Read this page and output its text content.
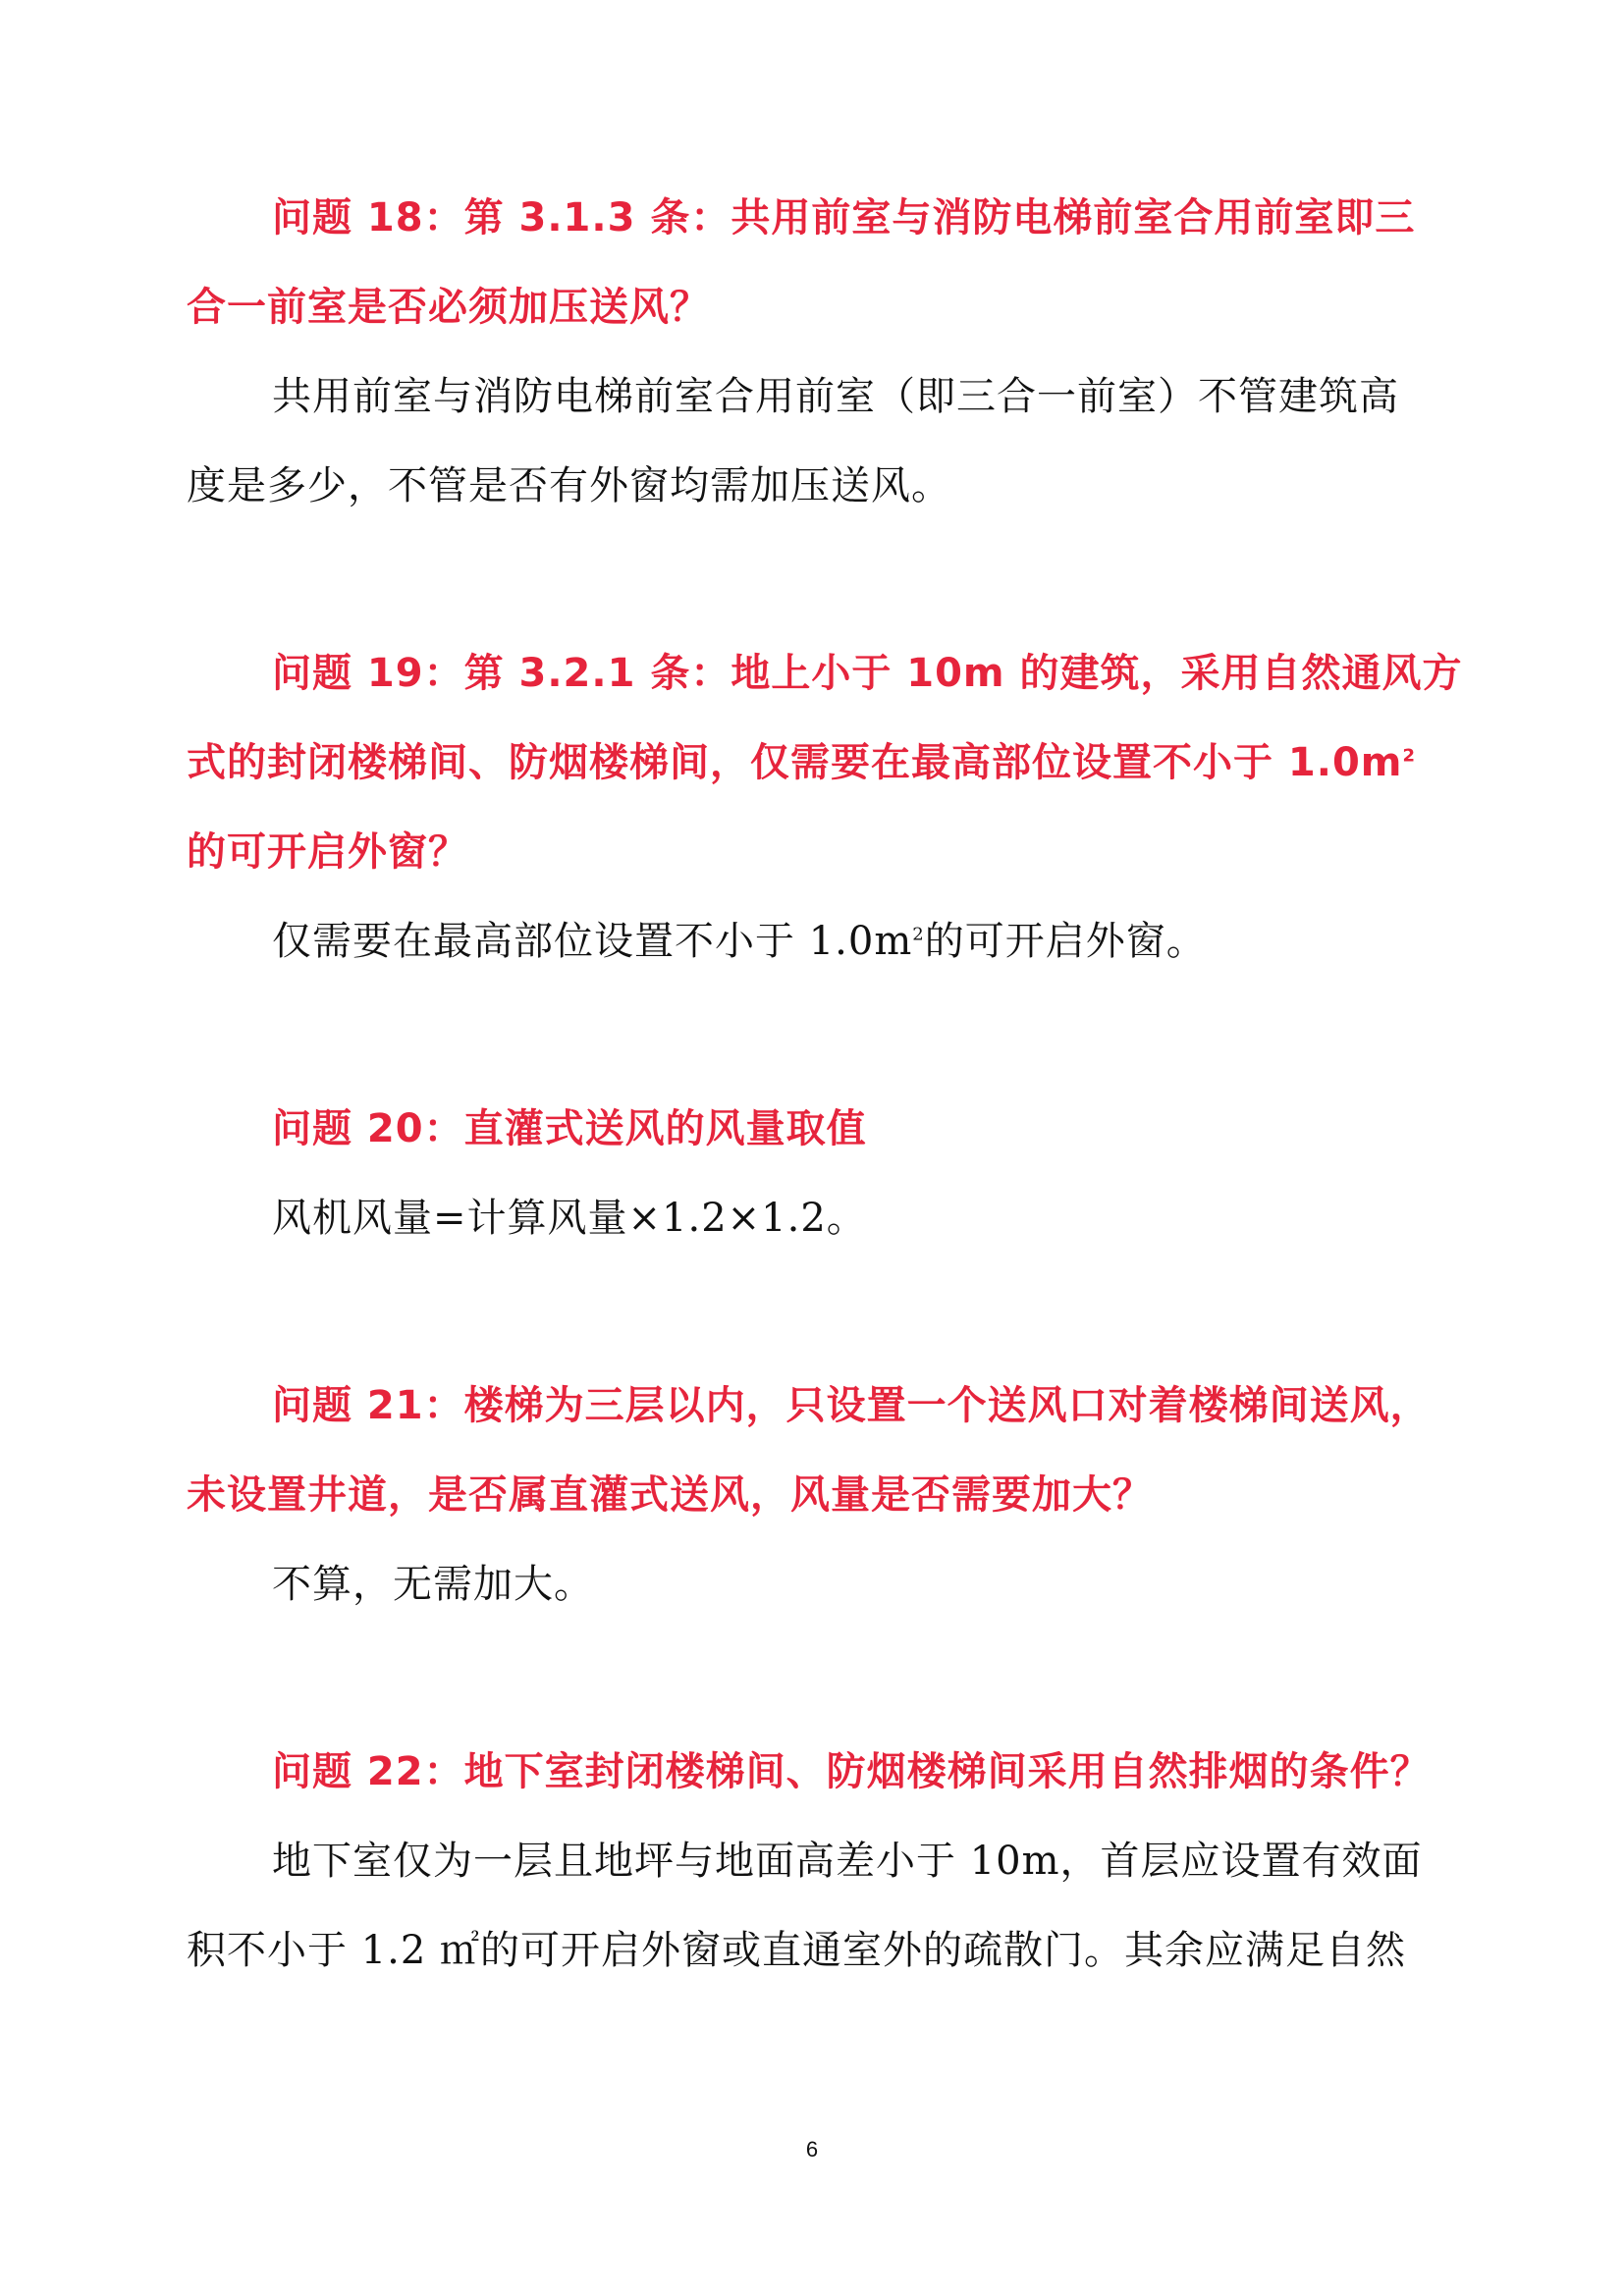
问题 18：第 3.1.3 条：共用前室与消防电梯前室合用前室即三
合一前室是否必须加压送风？
共用前室与消防电梯前室合用前室（即三合一前室）不管建筑高
度是多少，不管是否有外窗均需加压送风。
问题 19：第 3.2.1 条：地上小于 10m 的建筑，采用自然通风方
式的封闭楼梯间、防烟楼梯间，仅需要在最高部位设置不小于 $1.0m^2$
的可开启外窗？
仅需要在最高部位设置不小于 $1.0m^2$的可开启外窗。
问题 20：直灌式送风的风量取值
风机风量=计算风量×1.2×1.2。
问题 21：楼梯为三层以内，只设置一个送风口对着楼梯间送风，
未设置井道，是否属直灌式送风，风量是否需要加大？
不算，无需加大。
问题 22：地下室封闭楼梯间、防烟楼梯间采用自然排烟的条件？
地下室仅为一层且地坪与地面高差小于 10m，首层应设置有效面
积不小于 1.2 ㎡的可开启外窗或直通室外的疏散门。其余应满足自然
6
